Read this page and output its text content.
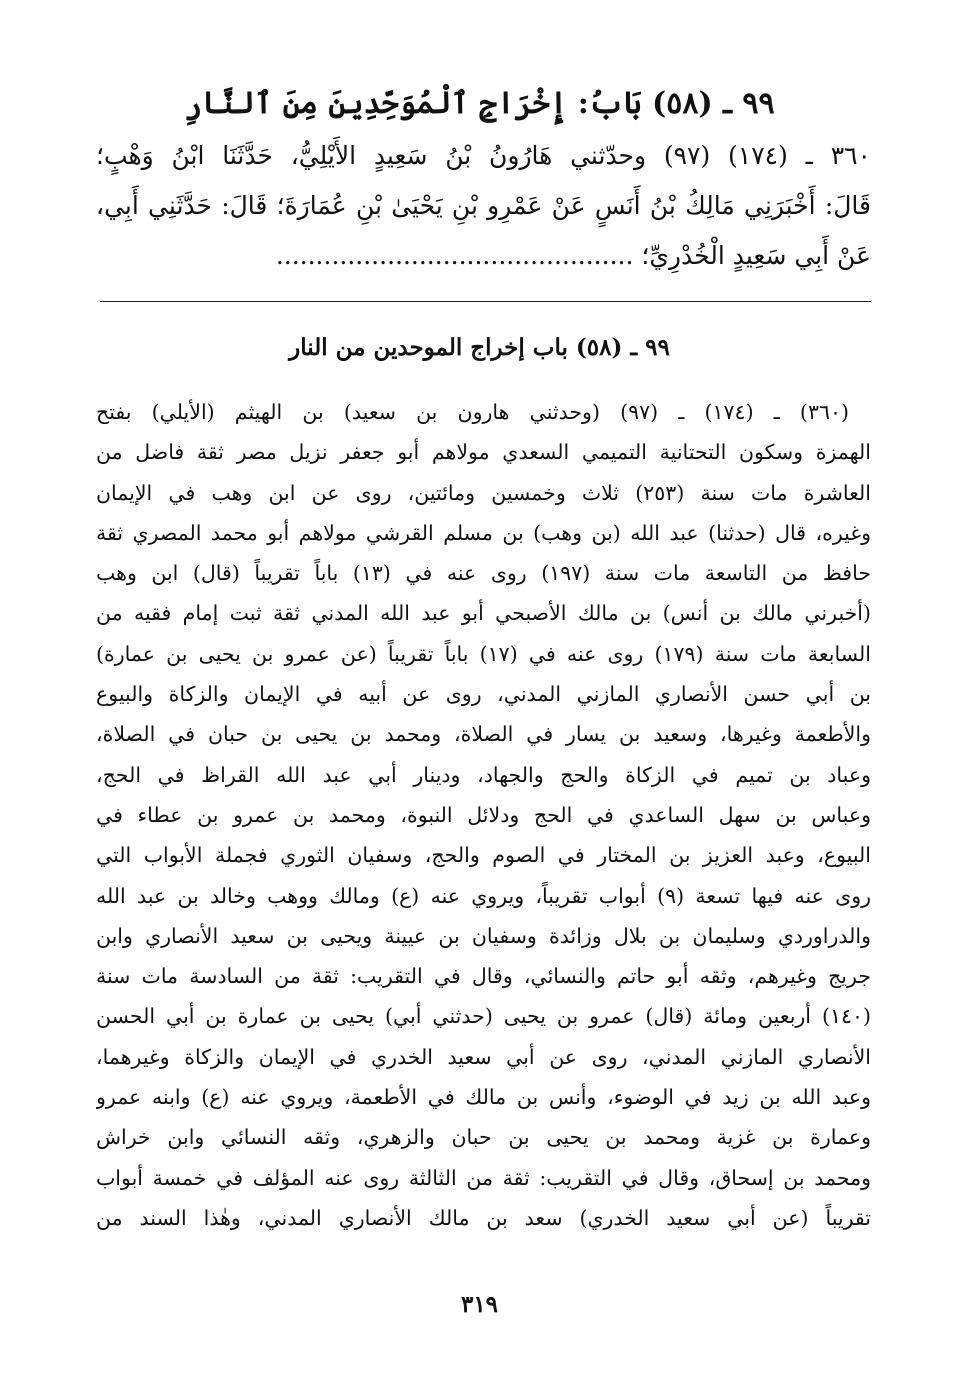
٩٩ ـ (٥٨) بَابُ: إِخْرَاجِ ٱلْمُوَحِّدِينَ مِنَ ٱلنَّارِ
٣٦٠ ـ (١٧٤) (٩٧) وحدّثني هَارُونُ بْنُ سَعِيدٍ الأَيْلِيُّ، حَدَّثَنَا ابْنُ وَهْبٍ؛
قَالَ: أَخْبَرَنِي مَالِكُ بْنُ أَنَسٍ عَنْ عَمْرِو بْنِ يَحْيَىٰ بْنِ عُمَارَةَ؛ قَالَ: حَدَّثَنِي أَبِي،
عَنْ أَبِي سَعِيدٍ الْخُدْرِيِّ؛ .............................................
٩٩ ـ (٥٨) باب إخراج الموحدين من النار
(٣٦٠) ـ (١٧٤) ـ (٩٧) (وحدثني هارون بن سعيد) بن الهيثم (الأيلي) بفتح
الهمزة وسكون التحتانية التميمي السعدي مولاهم أبو جعفر نزيل مصر ثقة فاضل من
العاشرة مات سنة (٢٥٣) ثلاث وخمسين ومائتين، روى عن ابن وهب في الإيمان
وغيره، قال (حدثنا) عبد الله (بن وهب) بن مسلم القرشي مولاهم أبو محمد المصري ثقة
حافظ من التاسعة مات سنة (١٩٧) روى عنه في (١٣) باباً تقريباً (قال) ابن وهب
(أخبرني مالك بن أنس) بن مالك الأصبحي أبو عبد الله المدني ثقة ثبت إمام فقيه من
السابعة مات سنة (١٧٩) روى عنه في (١٧) باباً تقريباً (عن عمرو بن يحيى بن عمارة)
بن أبي حسن الأنصاري المازني المدني، روى عن أبيه في الإيمان والزكاة والبيوع
والأطعمة وغيرها، وسعيد بن يسار في الصلاة، ومحمد بن يحيى بن حبان في الصلاة،
وعباد بن تميم في الزكاة والحج والجهاد، ودينار أبي عبد الله القراظ في الحج،
وعباس بن سهل الساعدي في الحج ودلائل النبوة، ومحمد بن عمرو بن عطاء في
البيوع، وعبد العزيز بن المختار في الصوم والحج، وسفيان الثوري فجملة الأبواب التي
روى عنه فيها تسعة (٩) أبواب تقريباً، ويروي عنه (ع) ومالك ووهب وخالد بن عبد الله
والدراوردي وسليمان بن بلال وزائدة وسفيان بن عيينة ويحيى بن سعيد الأنصاري وابن
جريج وغيرهم، وثقه أبو حاتم والنسائي، وقال في التقريب: ثقة من السادسة مات سنة
(١٤٠) أربعين ومائة (قال) عمرو بن يحيى (حدثني أبي) يحيى بن عمارة بن أبي الحسن
الأنصاري المازني المدني، روى عن أبي سعيد الخدري في الإيمان والزكاة وغيرهما،
وعبد الله بن زيد في الوضوء، وأنس بن مالك في الأطعمة، ويروي عنه (ع) وابنه عمرو
وعمارة بن غزية ومحمد بن يحيى بن حبان والزهري، وثقه النسائي وابن خراش
ومحمد بن إسحاق، وقال في التقريب: ثقة من الثالثة روى عنه المؤلف في خمسة أبواب
تقريباً (عن أبي سعيد الخدري) سعد بن مالك الأنصاري المدني، وهٰذا السند من
٣١٩
